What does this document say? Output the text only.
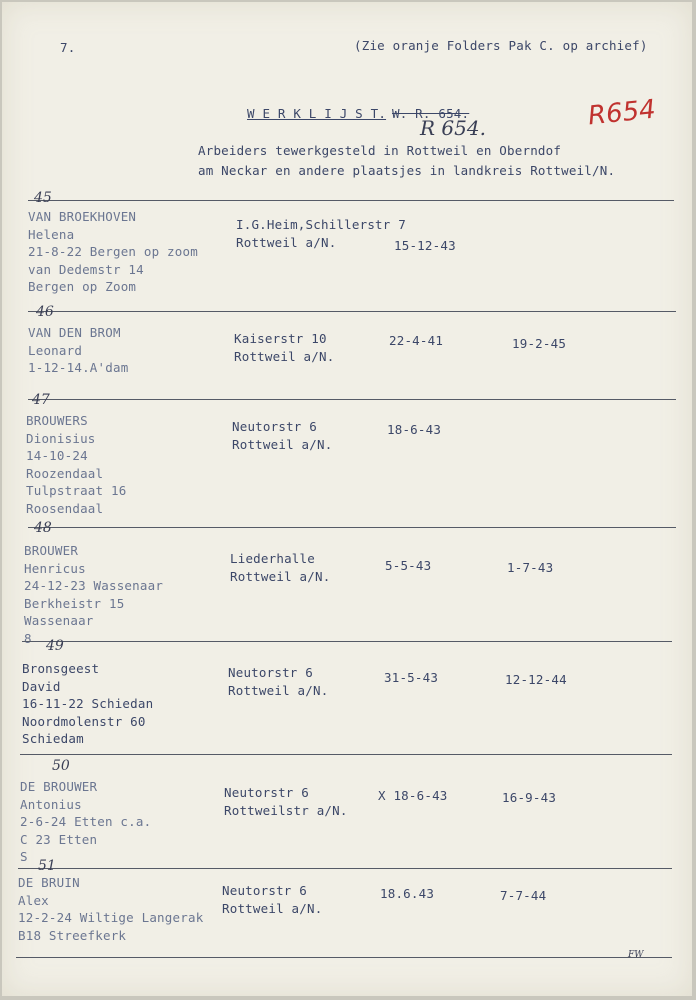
7.	(Zie oranje Folders Pak C. op archief)
W E R K L I J S T. W. R. 654.
R 654.	R654
Arbeiders tewerkgesteld in Rottweil en Oberndof
am Neckar en andere plaatsjes in landkreis Rottweil/N.
45
VAN BROEKHOVEN
Helena
21-8-22 Bergen op zoom
van Dedemstr 14
Bergen op Zoom
I.G.Heim,Schillerstr 7
Rottweil a/N.	15-12-43
46
VAN DEN BROM
Leonard
1-12-14.A'dam
Kaiserstr 10
Rottweil a/N.
22-4-41	19-2-45
47
BROUWERS
Dionisius
14-10-24
Roozendaal
Tulpstraat 16
Roosendaal
Neutorstr 6
Rottweil a/N.
18-6-43
48
BROUWER
Henricus
24-12-23 Wassenaar
Berkheistr 15
Wassenaar
8
Liederhalle
Rottweil a/N.
5-5-43	1-7-43
49
Bronsgeest
David
16-11-22 Schiedan
Noordmolenstr 60
Schiedam
Neutorstr 6
Rottweil a/N.
31-5-43	12-12-44
50
DE BROUWER
Antonius
2-6-24 Etten c.a.
C 23 Etten
S
Neutorstr 6
Rottweilstr a/N.
X 18-6-43	16-9-43
51
DE BRUIN
Alex
12-2-24 Wiltige Langerak
B18 Streefkerk
Neutorstr 6
Rottweil a/N.
18.6.43	7-7-44
FW
